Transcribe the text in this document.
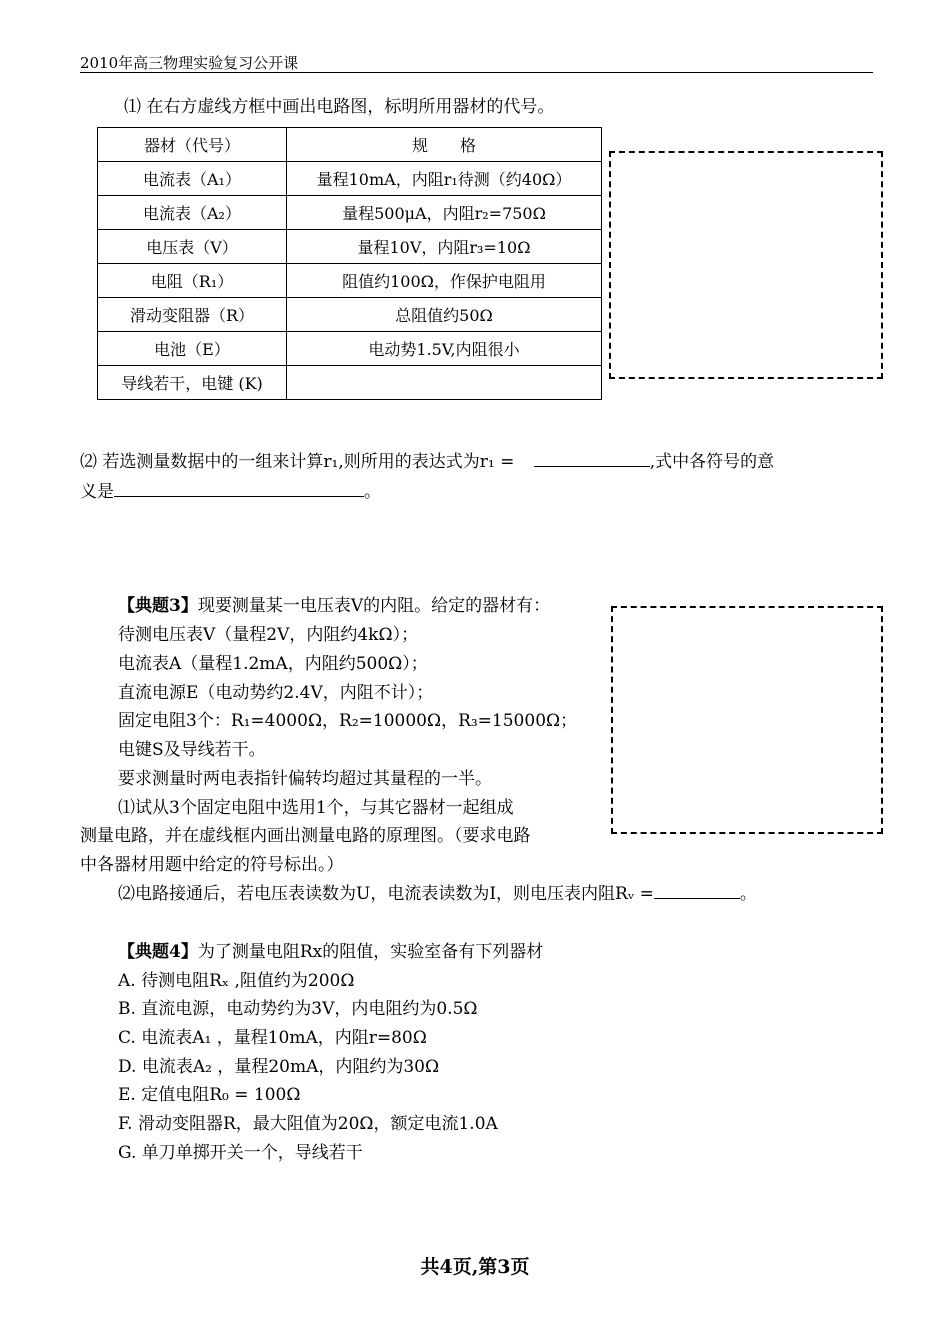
2010年高三物理实验复习公开课
⑴ 在右方虚线方框中画出电路图，标明所用器材的代号。
器材（代号）	规　　格
电流表（A₁）	量程10mA，内阻r₁待测（约40Ω）
电流表（A₂）	量程500μA，内阻r₂=750Ω
电压表（V）	量程10V，内阻r₃=10Ω
电阻（R₁）	阻值约100Ω，作保护电阻用
滑动变阻器（R）	总阻值约50Ω
电池（E）	电动势1.5V,内阻很小
导线若干，电键 (K)	
⑵ 若选测量数据中的一组来计算r₁,则所用的表达式为r₁ =	,式中各符号的意
义是	。
【典题3】现要测量某一电压表V的内阻。给定的器材有：
待测电压表V（量程2V，内阻约4kΩ）；
电流表A（量程1.2mA，内阻约500Ω）；
直流电源E（电动势约2.4V，内阻不计）；
固定电阻3个：R₁=4000Ω，R₂=10000Ω，R₃=15000Ω；
电键S及导线若干。
要求测量时两电表指针偏转均超过其量程的一半。
⑴试从3个固定电阻中选用1个，与其它器材一起组成
测量电路，并在虚线框内画出测量电路的原理图。（要求电路
中各器材用题中给定的符号标出。）
⑵电路接通后，若电压表读数为U，电流表读数为I，则电压表内阻Rᵥ =	。
【典题4】为了测量电阻Rx的阻值，实验室备有下列器材
A. 待测电阻Rₓ ,阻值约为200Ω
B. 直流电源，电动势约为3V，内电阻约为0.5Ω
C. 电流表A₁ ，量程10mA，内阻r=80Ω
D. 电流表A₂ ，量程20mA，内阻约为30Ω
E. 定值电阻R₀ = 100Ω
F. 滑动变阻器R，最大阻值为20Ω，额定电流1.0A
G. 单刀单掷开关一个，导线若干
共4页,第3页
